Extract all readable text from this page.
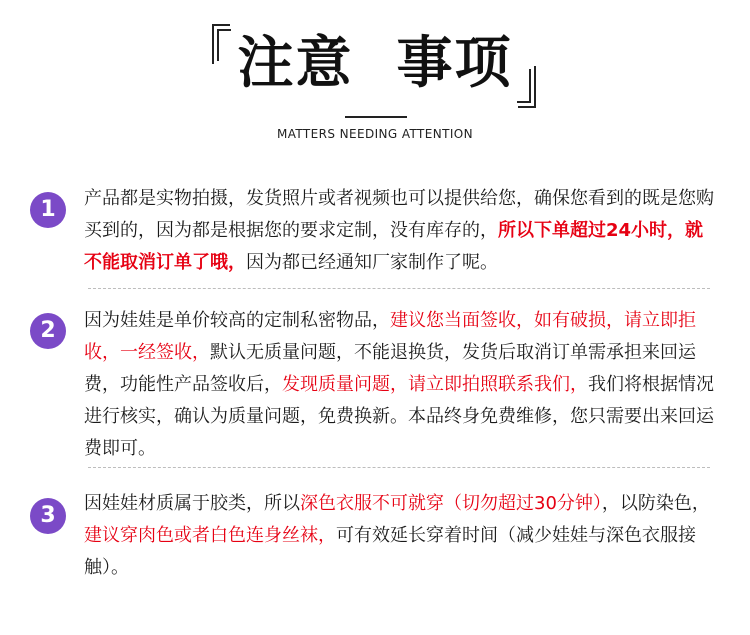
注意  事项
MATTERS NEEDING ATTENTION
1	产品都是实物拍摄，发货照片或者视频也可以提供给您，确保您看到的既是您购买到的，因为都是根据您的要求定制，没有库存的，所以下单超过24小时，就不能取消订单了哦，因为都已经通知厂家制作了呢。
2	因为娃娃是单价较高的定制私密物品，建议您当面签收，如有破损，请立即拒收，一经签收，默认无质量问题，不能退换货，发货后取消订单需承担来回运费，功能性产品签收后，发现质量问题，请立即拍照联系我们，我们将根据情况进行核实，确认为质量问题，免费换新。本品终身免费维修，您只需要出来回运费即可。
3	因娃娃材质属于胶类，所以深色衣服不可就穿（切勿超过30分钟），以防染色，建议穿肉色或者白色连身丝袜，可有效延长穿着时间（减少娃娃与深色衣服接触）。
